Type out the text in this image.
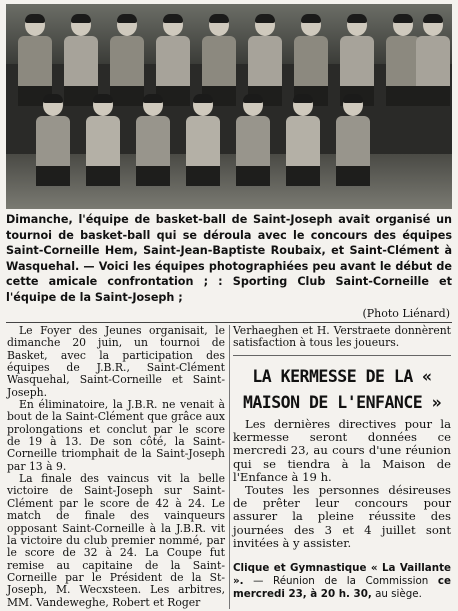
Dimanche, l'équipe de basket-ball de Saint-Joseph avait organisé un tournoi de basket-ball qui se déroula avec le concours des équipes Saint-Corneille Hem, Saint-Jean-Baptiste Roubaix, et Saint-Clément à Wasquehal. — Voici les équipes photographiées peu avant le début de cette amicale confrontation ; : Sporting Club Saint-Corneille et l'équipe de la Saint-Joseph ;
(Photo Liénard)

Le Foyer des Jeunes organisait, le dimanche 20 juin, un tournoi de Basket, avec la participation des équipes de J.B.R., Saint-Clément Wasquehal, Saint-Corneille et Saint-Joseph.

En éliminatoire, la J.B.R. ne venait à bout de la Saint-Clément que grâce aux prolongations et conclut par le score de 19 à 13. De son côté, la Saint-Corneille triomphait de la Saint-Joseph par 13 à 9.

La finale des vaincus vit la belle victoire de Saint-Joseph sur Saint-Clément par le score de 42 à 24. Le match de finale des vainqueurs opposant Saint-Corneille à la J.B.R. vit la victoire du club premier nommé, par le score de 32 à 24. La Coupe fut remise au capitaine de la Saint-Corneille par le Président de la St-Joseph, M. Wecxsteen. Les arbitres, MM. Vandeweghe, Robert et Roger

Verhaeghen et H. Verstraete donnèrent satisfaction à tous les joueurs.

LA KERMESSE DE LA « MAISON DE L'ENFANCE »

Les dernières directives pour la kermesse seront données ce mercredi 23, au cours d'une réunion qui se tiendra à la Maison de l'Enfance à 19 h.

Toutes les personnes désireuses de prêter leur concours pour assurer la pleine réussite des journées des 3 et 4 juillet sont invitées à y assister.

Clique et Gymnastique « La Vaillante ». — Réunion de la Commission ce mercredi 23, à 20 h. 30, au siège.
